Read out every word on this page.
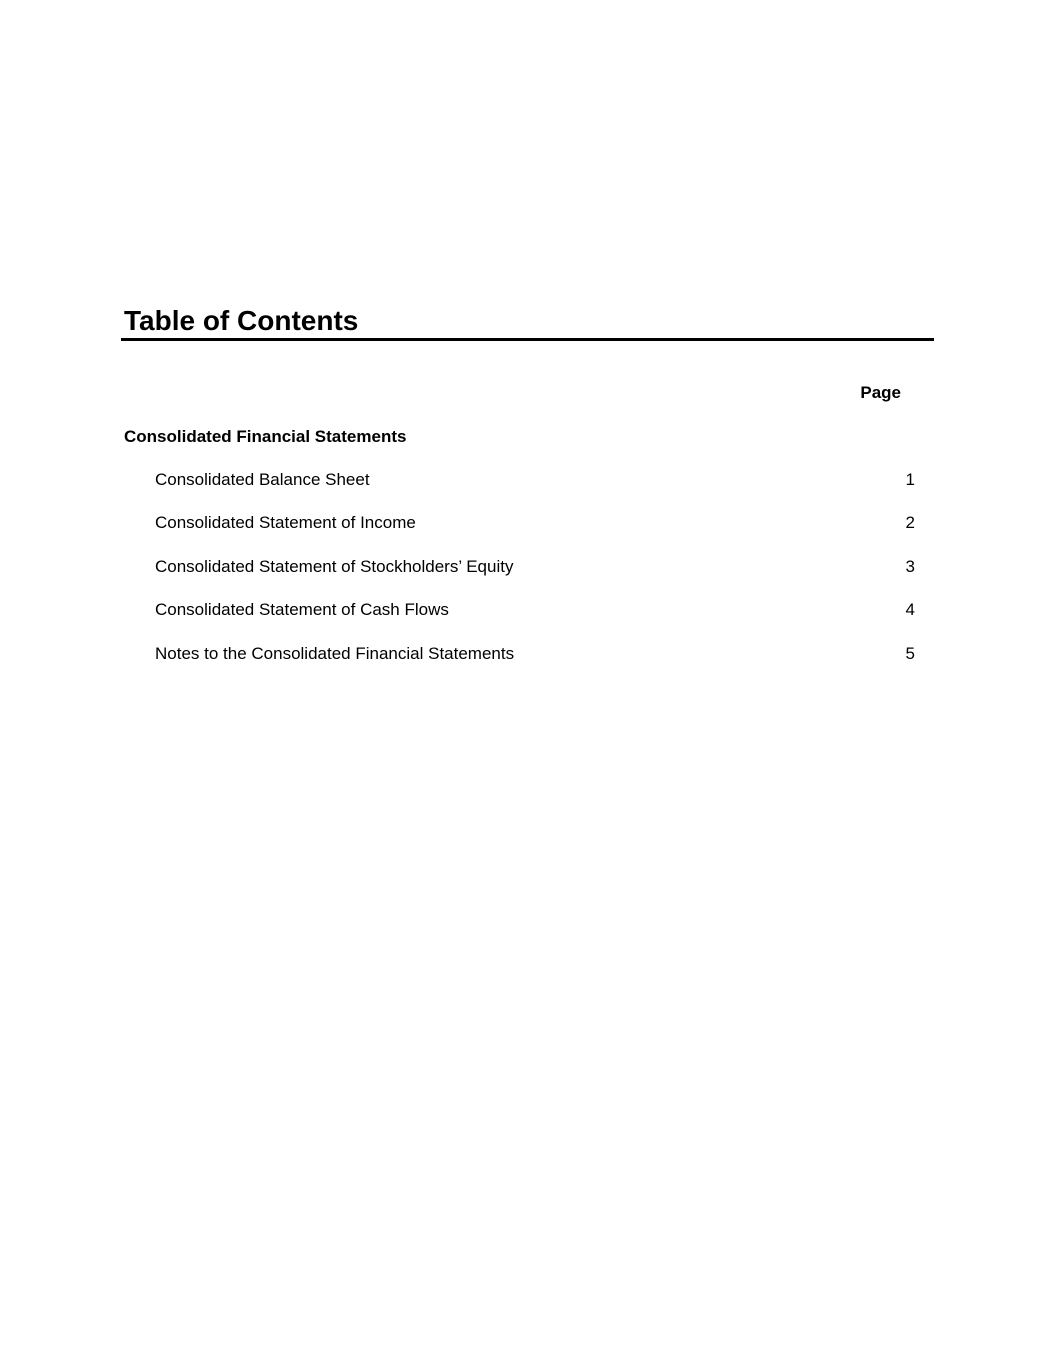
Table of Contents
Page
Consolidated Financial Statements
Consolidated Balance Sheet	1
Consolidated Statement of Income	2
Consolidated Statement of Stockholders’ Equity	3
Consolidated Statement of Cash Flows	4
Notes to the Consolidated Financial Statements	5
